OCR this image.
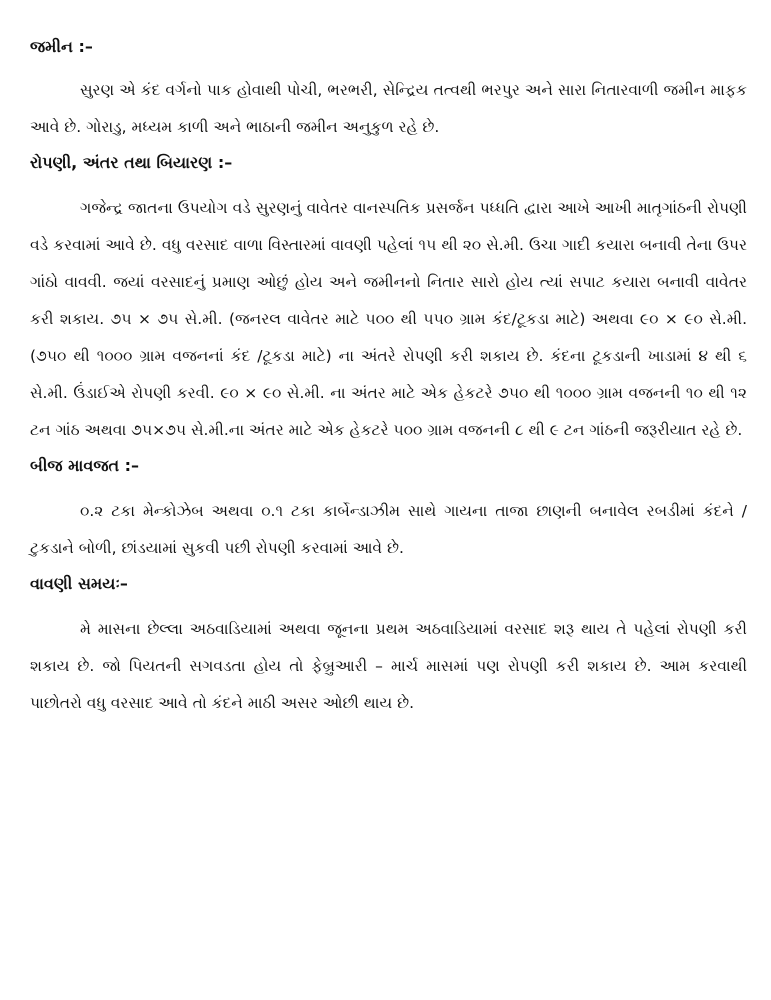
જમીન :–

સુરણ એ કંદ વર્ગનો પાક હોવાથી પોચી, ભરભરી, સેન્દ્રિય તત્વથી ભરપુર અને સારા નિતારવાળી જમીન માફક આવે છે. ગોરાડુ, મધ્યમ કાળી અને ભાઠાની જમીન અનુકુળ રહે છે.

રોપણી, અંતર તથા બિયારણ :–

ગજેન્દ્ર જાતના ઉપયોગ વડે સુરણનું વાવેતર વાનસ્પતિક પ્રસર્જન પધ્ધતિ દ્વારા આખે આખી માતૃગાંઠની રોપણી વડે કરવામાં આવે છે. વધુ વરસાદ વાળા વિસ્તારમાં વાવણી પહેલાં ૧૫ થી ૨૦ સે.મી. ઉચા ગાદી કયારા બનાવી તેના ઉપર ગાંઠો વાવવી. જયાં વરસાદનું પ્રમાણ ઓછું હોય અને જમીનનો નિતાર સારો હોય ત્યાં સપાટ કયારા બનાવી વાવેતર કરી શકાય. ૭૫ × ૭૫ સે.મી. (જનરલ વાવેતર માટે ૫૦૦ થી ૫૫૦ ગ્રામ કંદ/ટૂકડા માટે) અથવા ૯૦ × ૯૦ સે.મી. (૭૫૦ થી ૧૦૦૦ ગ્રામ વજનનાં કંદ /ટૂકડા માટે) ના અંતરે રોપણી કરી શકાય છે. કંદના ટૂકડાની ખાડામાં ૪ થી ૬ સે.મી. ઉંડાઈએ રોપણી કરવી. ૯૦ × ૯૦ સે.મી. ના અંતર માટે એક હેકટરે ૭૫૦ થી ૧૦૦૦ ગ્રામ વજનની ૧૦ થી ૧૨ ટન ગાંઠ અથવા ૭૫×૭૫ સે.મી.ના અંતર માટે એક હેકટરે ૫૦૦ ગ્રામ વજનની ૮ થી ૯ ટન ગાંઠની જરૂરીયાત રહે છે.

બીજ માવજત :–

૦.૨ ટકા મેન્કોઝેબ અથવા ૦.૧ ટકા કાર્બેન્ડાઝીમ સાથે ગાયના તાજા છાણની બનાવેલ રબડીમાં કંદને / ટુકડાને બોળી, છાંડયામાં સુકવી પછી રોપણી કરવામાં આવે છે.

વાવણી સમયઃ–

મે માસના છેલ્લા અઠવાડિયામાં અથવા જૂનના પ્રથમ અઠવાડિયામાં વરસાદ શરૂ થાય તે પહેલાં રોપણી કરી શકાય છે. જો પિયતની સગવડતા હોય તો ફેબ્રુઆરી – માર્ચ માસમાં પણ રોપણી કરી શકાય છે. આમ કરવાથી પાછોતરો વધુ વરસાદ આવે તો કંદને માઠી અસર ઓછી થાય છે.
